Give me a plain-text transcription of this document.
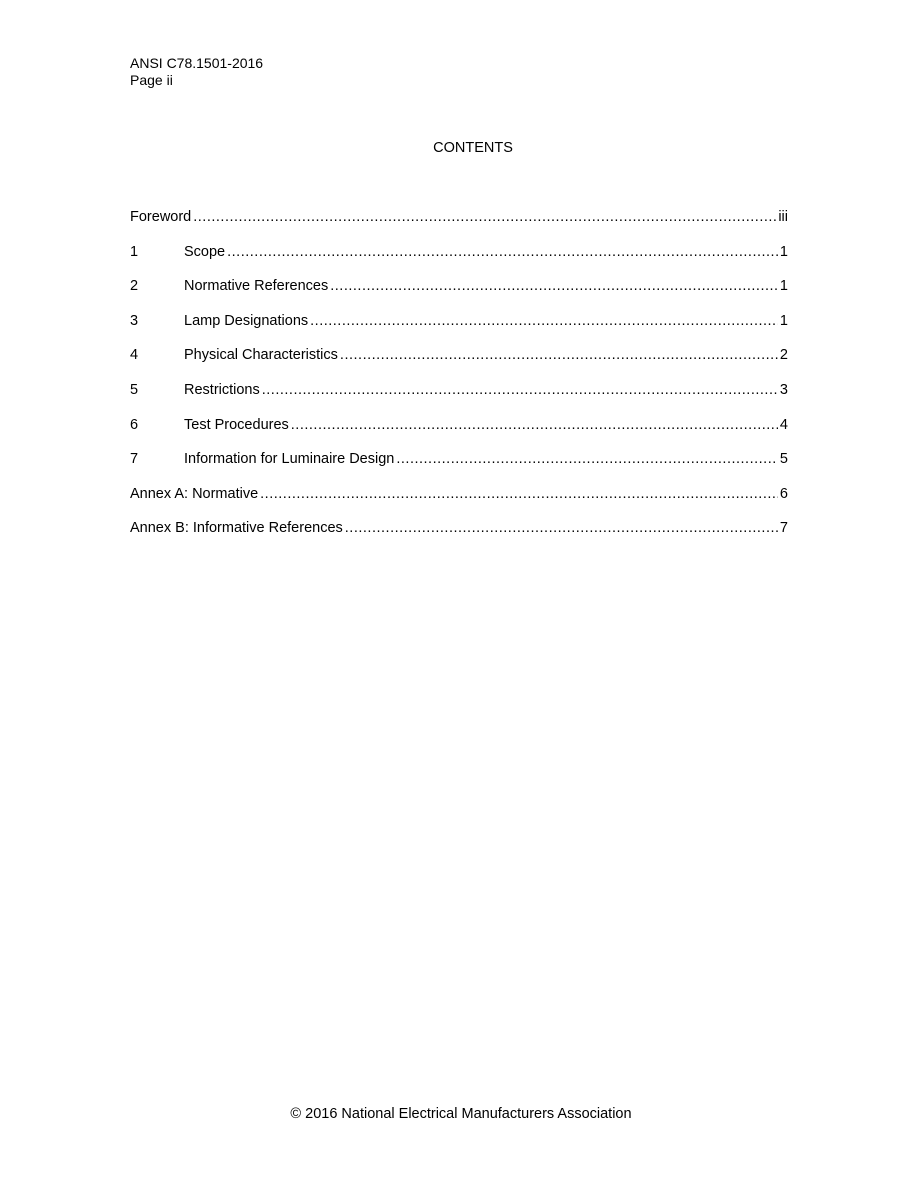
ANSI C78.1501-2016
Page ii
CONTENTS
Foreword .....	iii
1	Scope .....	1
2	Normative References .....	1
3	Lamp Designations .....	1
4	Physical Characteristics .....	2
5	Restrictions .....	3
6	Test Procedures .....	4
7	Information for Luminaire Design .....	5
Annex A: Normative .....	6
Annex B: Informative References .....	7
© 2016 National Electrical Manufacturers Association
